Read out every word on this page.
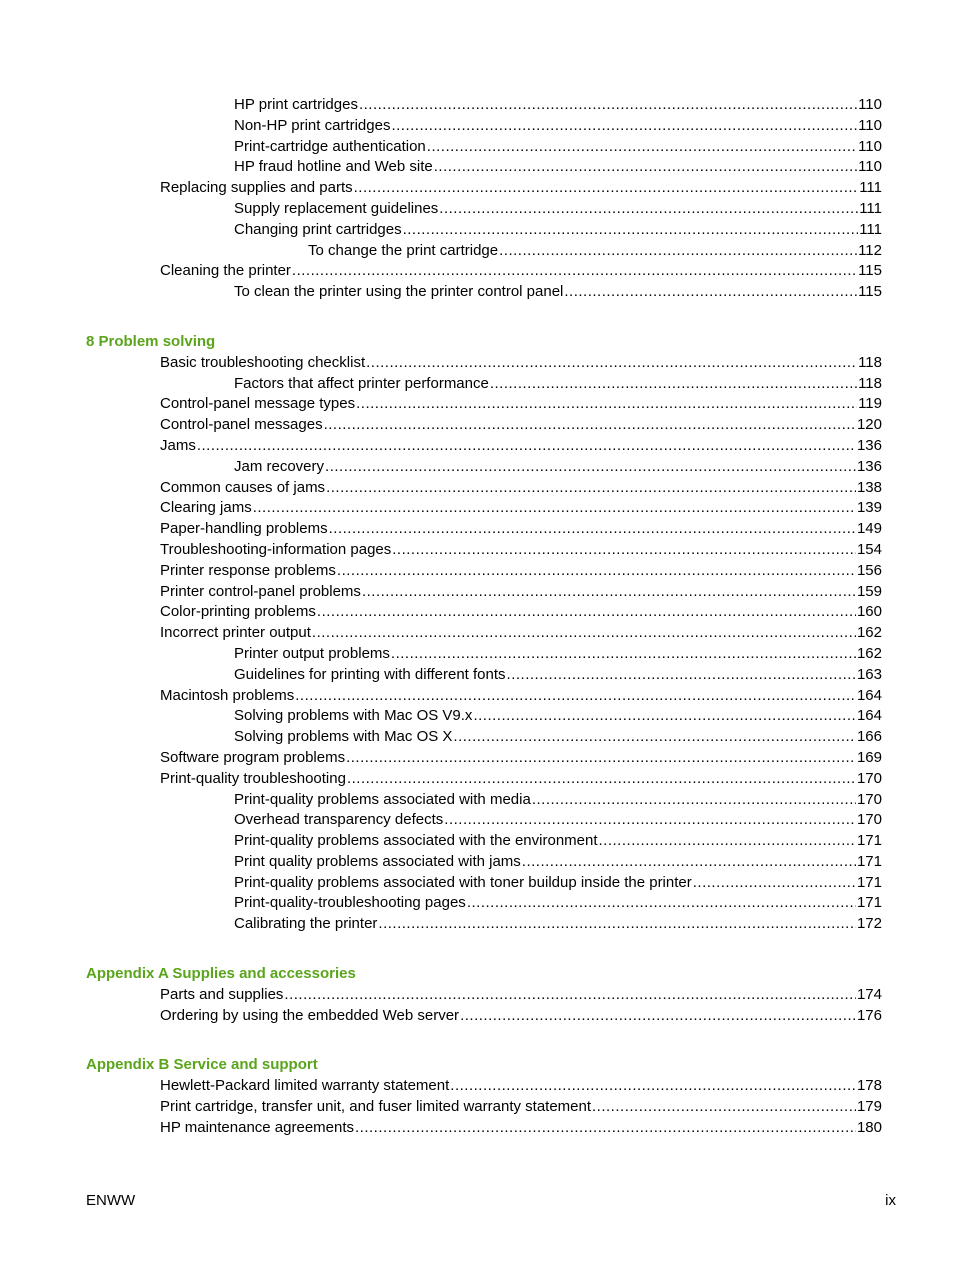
HP print cartridges .....	110
Non-HP print cartridges .....	110
Print-cartridge authentication .....	110
HP fraud hotline and Web site .....	110
Replacing supplies and parts .....	111
Supply replacement guidelines .....	111
Changing print cartridges .....	111
To change the print cartridge .....	112
Cleaning the printer .....	115
To clean the printer using the printer control panel .....	115
8 Problem solving
Basic troubleshooting checklist .....	118
Factors that affect printer performance .....	118
Control-panel message types .....	119
Control-panel messages .....	120
Jams .....	136
Jam recovery .....	136
Common causes of jams .....	138
Clearing jams .....	139
Paper-handling problems .....	149
Troubleshooting-information pages .....	154
Printer response problems .....	156
Printer control-panel problems .....	159
Color-printing problems .....	160
Incorrect printer output .....	162
Printer output problems .....	162
Guidelines for printing with different fonts .....	163
Macintosh problems .....	164
Solving problems with Mac OS V9.x .....	164
Solving problems with Mac OS X .....	166
Software program problems .....	169
Print-quality troubleshooting .....	170
Print-quality problems associated with media .....	170
Overhead transparency defects .....	170
Print-quality problems associated with the environment .....	171
Print quality problems associated with jams .....	171
Print-quality problems associated with toner buildup inside the printer .....	171
Print-quality-troubleshooting pages .....	171
Calibrating the printer .....	172
Appendix A Supplies and accessories
Parts and supplies .....	174
Ordering by using the embedded Web server .....	176
Appendix B Service and support
Hewlett-Packard limited warranty statement .....	178
Print cartridge, transfer unit, and fuser limited warranty statement .....	179
HP maintenance agreements .....	180
ENWW	ix
